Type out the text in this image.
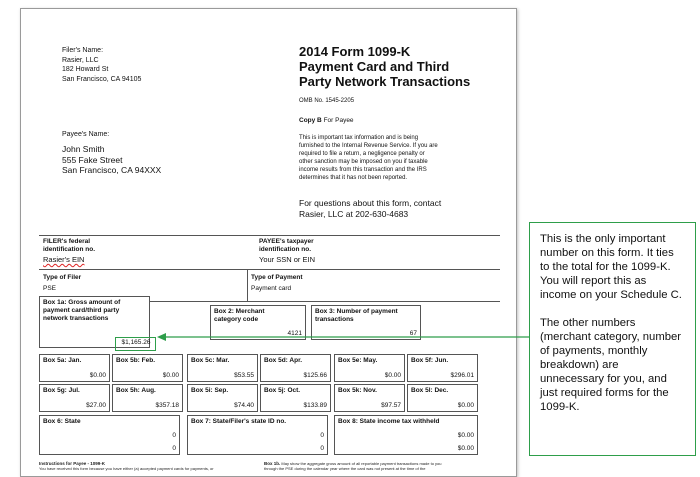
Filer's Name:
Rasier, LLC
182 Howard St
San Francisco, CA 94105
Payee's Name:
John Smith
555 Fake Street
San Francisco, CA 94XXX
2014 Form 1099-K
Payment Card and Third
Party Network Transactions
OMB No. 1545-2205
Copy B For Payee
This is important tax information and is being
furnished to the Internal Revenue Service. If you are
required to file a return, a negligence penalty or
other sanction may be imposed on you if taxable
income results from this transaction and the IRS
determines that it has not been reported.
For questions about this form, contact
Rasier, LLC at 202-630-4683
FILER's federal
identification no.
Rasier's EIN
PAYEE's taxpayer
identification no.
Your SSN or EIN
Type of Filer
PSE
Type of Payment
Payment card
Box 1a: Gross amount of
payment card/third party
network transactions
$1,165.26
Box 2: Merchant
category code
4121
Box 3: Number of payment
transactions
67
Box 5a: Jan.
$0.00
Box 5b: Feb.
$0.00
Box 5c: Mar.
$53.55
Box 5d: Apr.
$125.66
Box 5e: May.
$0.00
Box 5f: Jun.
$296.01
Box 5g: Jul.
$27.00
Box 5h: Aug.
$357.18
Box 5i: Sep.
$74.40
Box 5j: Oct.
$133.89
Box 5k: Nov.
$97.57
Box 5l: Dec.
$0.00
Box 6: State
0
0
Box 7: State/Filer's state ID no.
0
0
Box 8: State income tax withheld
$0.00
$0.00
Instructions for Payee - 1099-K
You have received this form because you have either (a) accepted payment cards for payments, or
Box 1b. May show the aggregate gross amount of all reportable payment transactions made to you
through the PSE during the calendar year where the card was not present at the time of the

This is the only important number on this form. It ties to the total for the 1099-K. You will report this as income on your Schedule C.

The other numbers (merchant category, number of payments, monthly breakdown) are unnecessary for you, and just required forms for the 1099-K.
